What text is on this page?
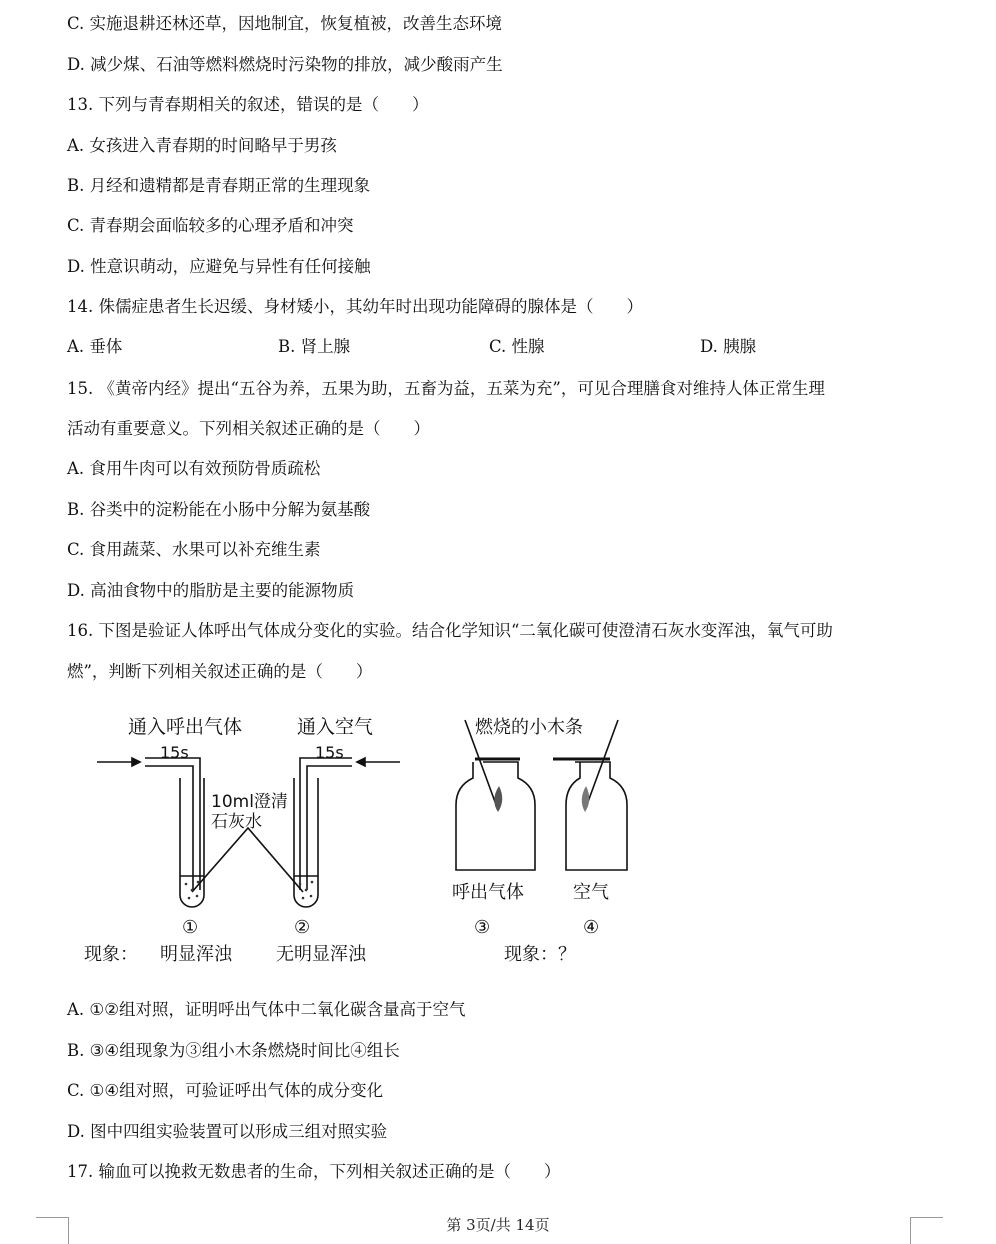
C. 实施退耕还林还草，因地制宜，恢复植被，改善生态环境
D. 减少煤、石油等燃料燃烧时污染物的排放，减少酸雨产生
13. 下列与青春期相关的叙述，错误的是（　　）
A. 女孩进入青春期的时间略早于男孩
B. 月经和遗精都是青春期正常的生理现象
C. 青春期会面临较多的心理矛盾和冲突
D. 性意识萌动，应避免与异性有任何接触
14. 侏儒症患者生长迟缓、身材矮小，其幼年时出现功能障碍的腺体是（　　）
A. 垂体	B. 肾上腺	C. 性腺	D. 胰腺
15. 《黄帝内经》提出“五谷为养，五果为助，五畜为益，五菜为充”，可见合理膳食对维持人体正常生理
活动有重要意义。下列相关叙述正确的是（　　）
A. 食用牛肉可以有效预防骨质疏松
B. 谷类中的淀粉能在小肠中分解为氨基酸
C. 食用蔬菜、水果可以补充维生素
D. 高油食物中的脂肪是主要的能源物质
16. 下图是验证人体呼出气体成分变化的实验。结合化学知识“二氧化碳可使澄清石灰水变浑浊，氧气可助
燃”，判断下列相关叙述正确的是（　　）
通入呼出气体	通入空气
15s	15s
10ml澄清
石灰水
燃烧的小木条
呼出气体	空气
①	②	③	④
现象： 明显浑浊 无明显浑浊	现象：？
A. ①②组对照，证明呼出气体中二氧化碳含量高于空气
B. ③④组现象为③组小木条燃烧时间比④组长
C. ①④组对照，可验证呼出气体的成分变化
D. 图中四组实验装置可以形成三组对照实验
17. 输血可以挽救无数患者的生命，下列相关叙述正确的是（　　）
第 3页/共 14页
